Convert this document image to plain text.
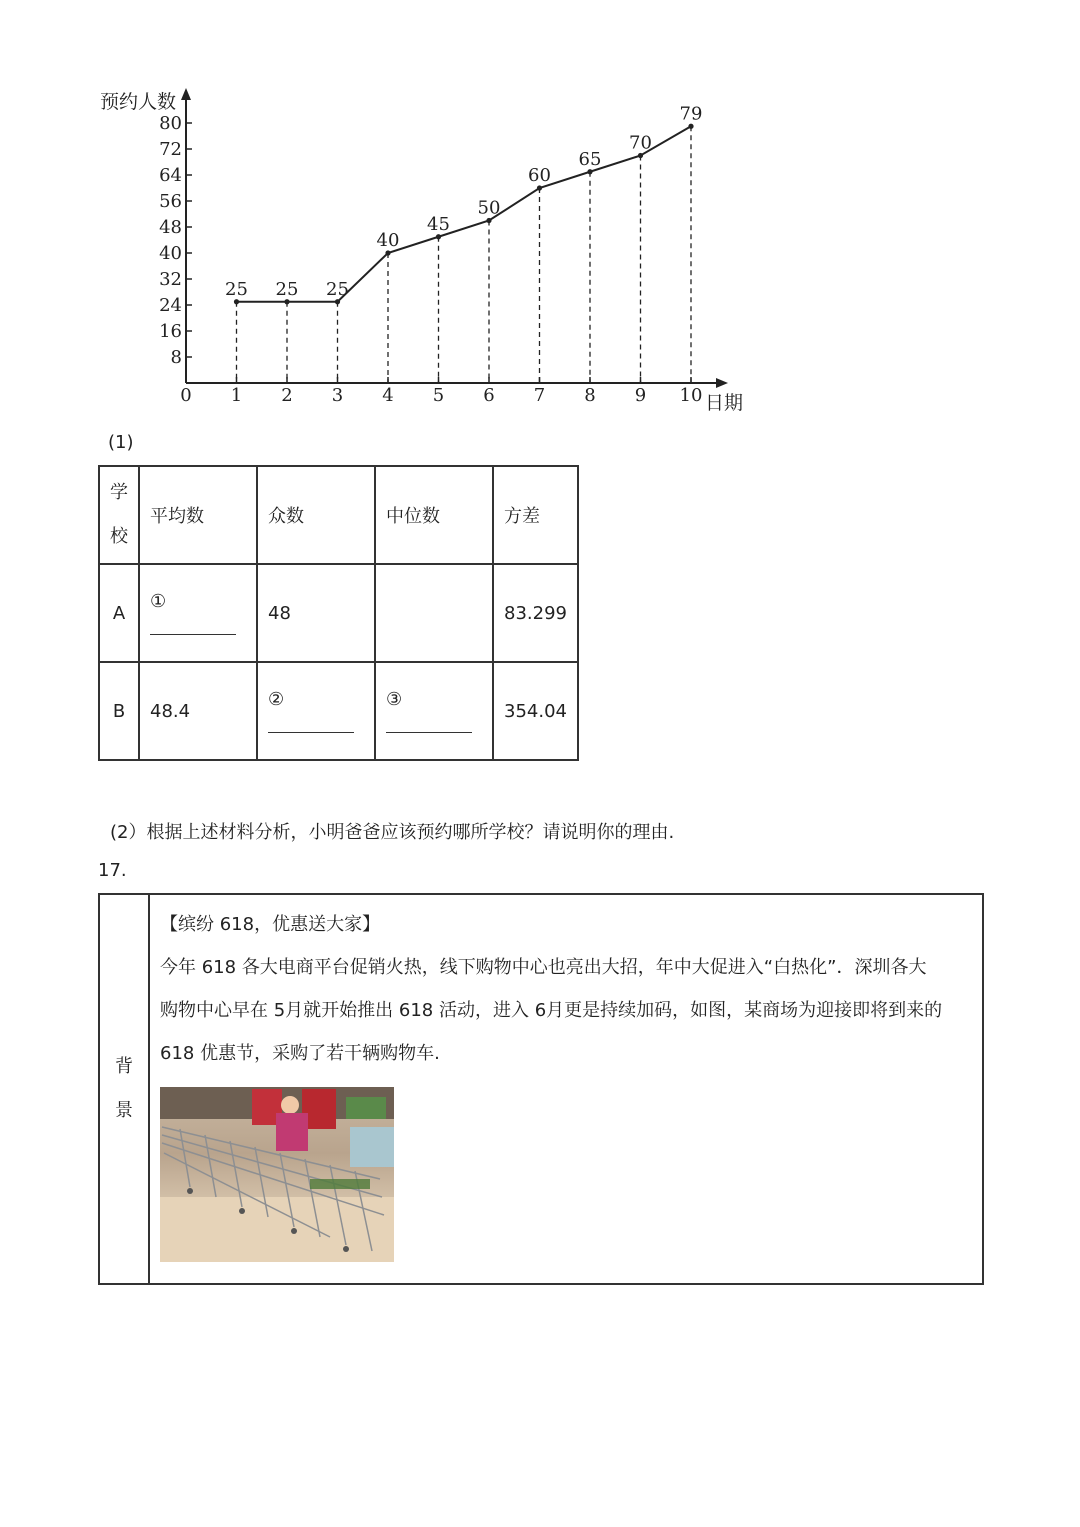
8
16
24
32
40
48
56
64
72
80
1 2 3 4 5 6 7 8 9 10
25 25 25
40
45
50
60
65
70
79
预约人数
日期
0
(1)
学校	平均数	众数	中位数	方差
A	①	48		83.299
B	48.4	②	③	354.04
(2）根据上述材料分析，小明爸爸应该预约哪所学校？请说明你的理由.
17.
背景	

【缤纷 618，优惠送大家】

今年 618 各大电商平台促销火热，线下购物中心也亮出大招，年中大促进入“白热化”．深圳各大

购物中心早在 5月就开始推出 618 活动，进入 6月更是持续加码，如图，某商场为迎接即将到来的

618 优惠节，采购了若干辆购物车.
